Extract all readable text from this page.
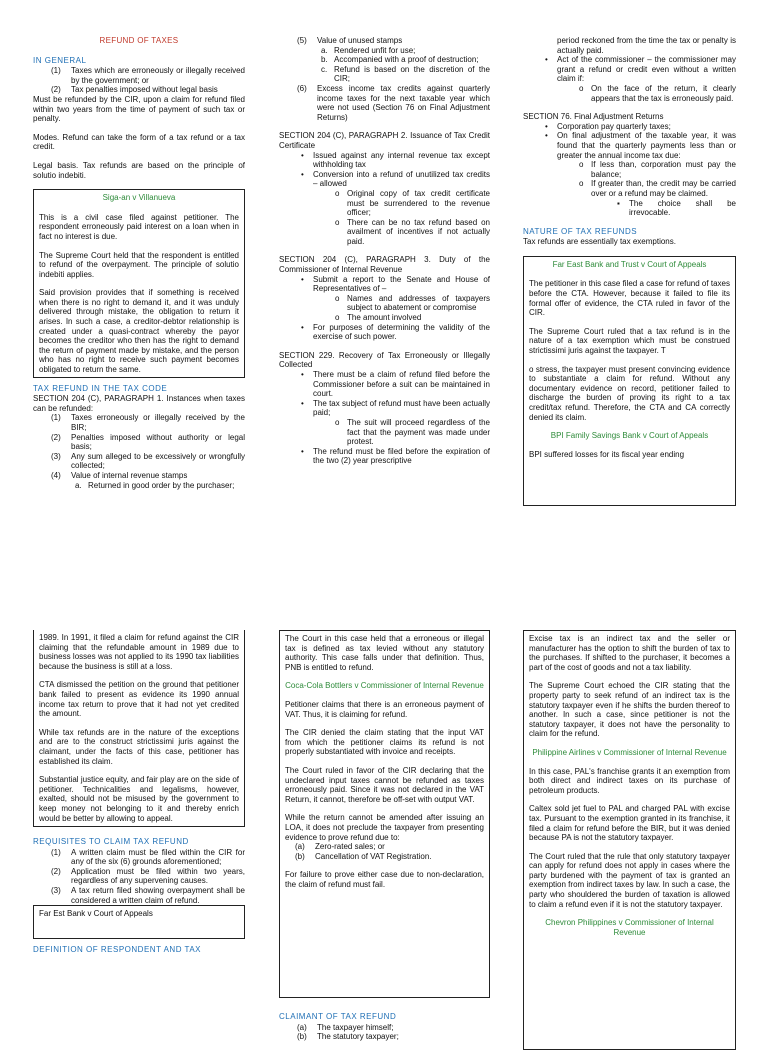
REFUND OF TAXES
IN GENERAL
(1) Taxes which are erroneously or illegally received by the government; or
(2) Tax penalties imposed without legal basis

Must be refunded by the CIR, upon a claim for refund filed within two years from the time of payment of such tax or penalty.

Modes. Refund can take the form of a tax refund or a tax credit.

Legal basis. Tax refunds are based on the principle of solutio indebiti.

Siga-an v Villanueva

This is a civil case filed against petitioner. The respondent erroneously paid interest on a loan when in fact no interest is due.

The Supreme Court held that the respondent is entitled to refund of the overpayment. The principle of solutio indebiti applies.

Said provision provides that if something is received when there is no right to demand it, and it was unduly delivered through mistake, the obligation to return it arises. In such a case, a creditor-debtor relationship is created under a quasi-contract whereby the payor becomes the creditor who then has the right to demand the return of payment made by mistake, and the person who has no right to receive such payment becomes obligated to return the same.

TAX REFUND IN THE TAX CODE

SECTION 204 (C), PARAGRAPH 1. Instances when taxes can be refunded:

(1) Taxes erroneously or illegally received by the BIR;
(2) Penalties imposed without authority or legal basis;
(3) Any sum alleged to be excessively or wrongfully collected;
(4) Value of internal revenue stamps
a. Returned in good order by the purchaser;
(5) Value of unused stamps
a. Rendered unfit for use;
b. Accompanied with a proof of destruction;
c. Refund is based on the discretion of the CIR;
(6) Excess income tax credits against quarterly income taxes for the next taxable year which were not used (Section 76 on Final Adjustment Returns)

SECTION 204 (C), PARAGRAPH 2. Issuance of Tax Credit Certificate

• Issued against any internal revenue tax except withholding tax
• Conversion into a refund of unutilized tax credits – allowed
o Original copy of tax credit certificate must be surrendered to the revenue officer;
o There can be no tax refund based on availment of incentives if not actually paid.

SECTION 204 (C), PARAGRAPH 3. Duty of the Commissioner of Internal Revenue

• Submit a report to the Senate and House of Representatives of –
o Names and addresses of taxpayers subject to abatement or compromise
o The amount involved
• For purposes of determining the validity of the exercise of such power.

SECTION 229. Recovery of Tax Erroneously or Illegally Collected

• There must be a claim of refund filed before the Commissioner before a suit can be maintained in court.
• The tax subject of refund must have been actually paid;
o The suit will proceed regardless of the fact that the payment was made under protest.
• The refund must be filed before the expiration of the two (2) year prescriptive
period reckoned from the time the tax or penalty is actually paid.
• Act of the commissioner – the commissioner may grant a refund or credit even without a written claim if:
o On the face of the return, it clearly appears that the tax is erroneously paid.

SECTION 76. Final Adjustment Returns

• Corporation pay quarterly taxes;
• On final adjustment of the taxable year, it was found that the quarterly payments less than or greater the annual income tax due:
o If less than, corporation must pay the balance;
o If greater than, the credit may be carried over or a refund may be claimed.
▪ The choice shall be irrevocable.
NATURE OF TAX REFUNDS

Tax refunds are essentially tax exemptions.

Far East Bank and Trust v Court of Appeals

The petitioner in this case filed a case for refund of taxes before the CTA. However, because it failed to file its formal offer of evidence, the CTA ruled in favor of the CIR.

The Supreme Court ruled that a tax refund is in the nature of a tax exemption which must be construed strictissimi juris against the taxpayer. T

o stress, the taxpayer must present convincing evidence to substantiate a claim for refund. Without any documentary evidence on record, petitioner failed to discharge the burden of proving its right to a tax credit/tax refund. Therefore, the CTA and CA correctly denied its claim.

BPI Family Savings Bank v Court of Appeals

BPI suffered losses for its fiscal year ending

1989. In 1991, it filed a claim for refund against the CIR claiming that the refundable amount in 1989 due to business losses was not applied to its 1990 tax liabilities because the business is still at a loss.

CTA dismissed the petition on the ground that petitioner bank failed to present as evidence its 1990 annual income tax return to prove that it had not yet credited the amount.

While tax refunds are in the nature of the exceptions and are to the construct strictissimi juris against the claimant, under the facts of this case, petitioner has established its claim.

Substantial justice equity, and fair play are on the side of petitioner. Technicalities and legalisms, however, exalted, should not be misused by the government to keep money not belonging to it and thereby enrich would be better by allowing to appeal.

REQUISITES TO CLAIM TAX REFUND
(1) A written claim must be filed within the CIR for any of the six (6) grounds aforementioned;
(2) Application must be filed within two years, regardless of any supervening causes.
(3) A tax return filed showing overpayment shall be considered a written claim of refund.
Far Est Bank v Court of Appeals
DEFINITION OF RESPONDENT AND TAX

The Court in this case held that a erroneous or illegal tax is defined as tax levied without any statutory authority. This case falls under that definition. Thus, PNB is entitled to refund.

Coca-Cola Bottlers v Commissioner of Internal Revenue

Petitioner claims that there is an erroneous payment of VAT. Thus, it is claiming for refund.

The CIR denied the claim stating that the input VAT from which the petitioner claims its refund is not properly substantiated with invoice and receipts.

The Court ruled in favor of the CIR declaring that the undeclared input taxes cannot be refunded as taxes erroneously paid. Since it was not declared in the VAT Return, it cannot, therefore be off-set with output VAT.

While the return cannot be amended after issuing an LOA, it does not preclude the taxpayer from presenting evidence to prove refund due to:

(a) Zero-rated sales; or
(b) Cancellation of VAT Registration.

For failure to prove either case due to non-declaration, the claim of refund must fail.

CLAIMANT OF TAX REFUND
(a) The taxpayer himself;
(b) The statutory taxpayer;

Excise tax is an indirect tax and the seller or manufacturer has the option to shift the burden of tax to the purchases. If shifted to the purchaser, it becomes a part of the cost of goods and not a tax liability.

The Supreme Court echoed the CIR stating that the property party to seek refund of an indirect tax is the statutory taxpayer even if he shifts the burden thereof to another. In such a case, since petitioner is not the statutory taxpayer, it does not have the personality to claim for the refund.

Philippine Airlines v Commissioner of Internal Revenue

In this case, PAL's franchise grants it an exemption from both direct and indirect taxes on its purchase of petroleum products.

Caltex sold jet fuel to PAL and charged PAL with excise tax. Pursuant to the exemption granted in its franchise, it filed a claim for refund before the BIR, but it was denied because PA is not the statutory taxpayer.

The Court ruled that the rule that only statutory taxpayer can apply for refund does not apply in cases where the party burdened with the payment of tax is granted an exemption from indirect taxes by law. In such a case, the party who shouldered the burden of taxation is allowed to claim a refund even if it is not the statutory taxpayer.

Chevron Philippines v Commissioner of Internal Revenue
